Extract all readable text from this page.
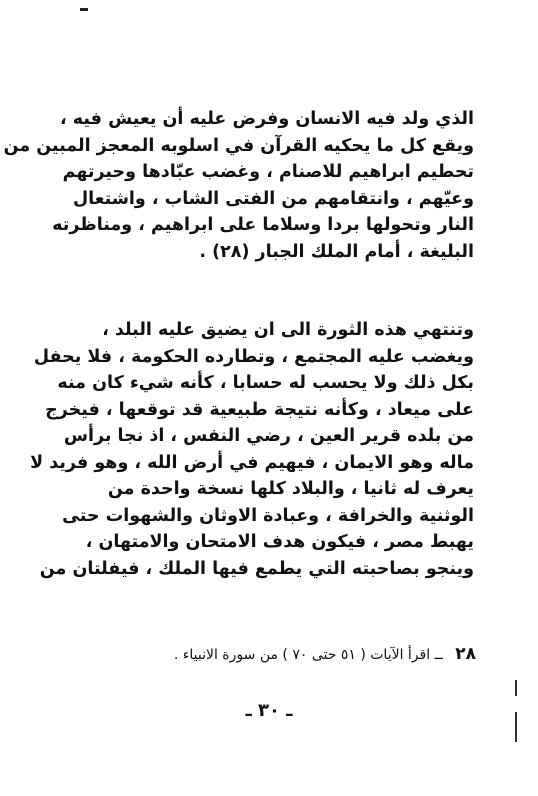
الذي ولد فيه الانسان وفرض عليه أن يعيش فيه ،
ويقع كل ما يحكيه القرآن في اسلوبه المعجز المبين من
تحطيم ابراهيم للاصنام ، وغضب عبّادها وحيرتهم
وعيّهم ، وانتقامهم من الفتى الشاب ، واشتعال
النار وتحولها بردا وسلاما على ابراهيم ، ومناظرته
البليغة ، أمام الملك الجبار (٢٨) .
وتنتهي هذه الثورة الى ان يضيق عليه البلد ،
ويغضب عليه المجتمع ، وتطارده الحكومة ، فلا يحفل
بكل ذلك ولا يحسب له حسابا ، كأنه شيء كان منه
على ميعاد ، وكأنه نتيجة طبيعية قد توقعها ، فيخرج
من بلده قرير العين ، رضي النفس ، اذ نجا برأس
ماله وهو الايمان ، فيهيم في أرض الله ، وهو فريد لا
يعرف له ثانيا ، والبلاد كلها نسخة واحدة من
الوثنية والخرافة ، وعبادة الاوثان والشهوات حتى
يهبط مصر ، فيكون هدف الامتحان والامتهان ،
وينجو بصاحبته التي يطمع فيها الملك ، فيفلتان من
٢٨ ــ اقرأ الآيات ( ٥١ حتى ٧٠ ) من سورة الانبياء .
ـ ٣٠ ـ
